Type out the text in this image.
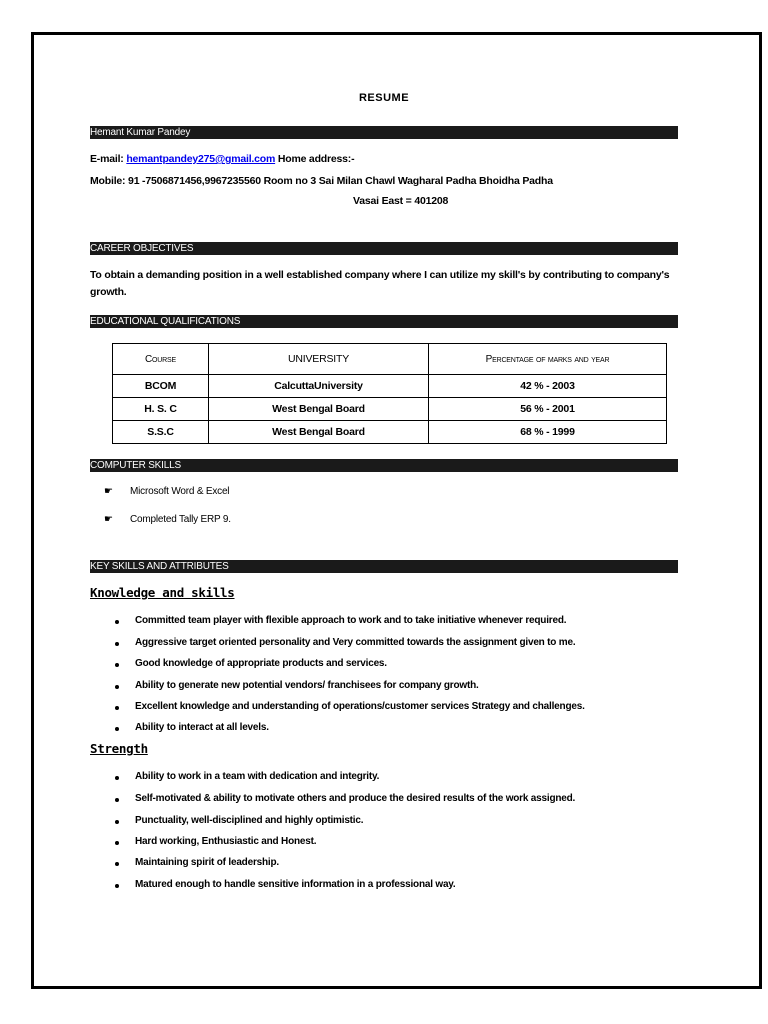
RESUME
Hemant Kumar Pandey
E-mail: hemantpandey275@gmail.com Home address:-
Mobile: 91 -7506871456,9967235560 Room no 3 Sai Milan Chawl Wagharal Padha Bhoidha Padha
Vasai East = 401208
CAREER OBJECTIVES
To obtain a demanding position in a well established company where I can utilize my skill's by contributing to company's
growth.
EDUCATIONAL QUALIFICATIONS
Course	UNIVERSITY	Percentage of marks and year
BCOM	CalcuttaUniversity	42 % - 2003
H. S. C	West Bengal Board	56 % - 2001
S.S.C	West Bengal Board	68 % - 1999
COMPUTER SKILLS
☛ Microsoft Word & Excel
☛ Completed Tally ERP 9.
KEY SKILLS AND ATTRIBUTES
Knowledge and skills
Committed team player with flexible approach to work and to take initiative whenever required.
Aggressive target oriented personality and Very committed towards the assignment given to me.
Good knowledge of appropriate products and services.
Ability to generate new potential vendors/ franchisees for company growth.
Excellent knowledge and understanding of operations/customer services Strategy and challenges.
Ability to interact at all levels.
Strength
Ability to work in a team with dedication and integrity.
Self-motivated & ability to motivate others and produce the desired results of the work assigned.
Punctuality, well-disciplined and highly optimistic.
Hard working, Enthusiastic and Honest.
Maintaining spirit of leadership.
Matured enough to handle sensitive information in a professional way.
